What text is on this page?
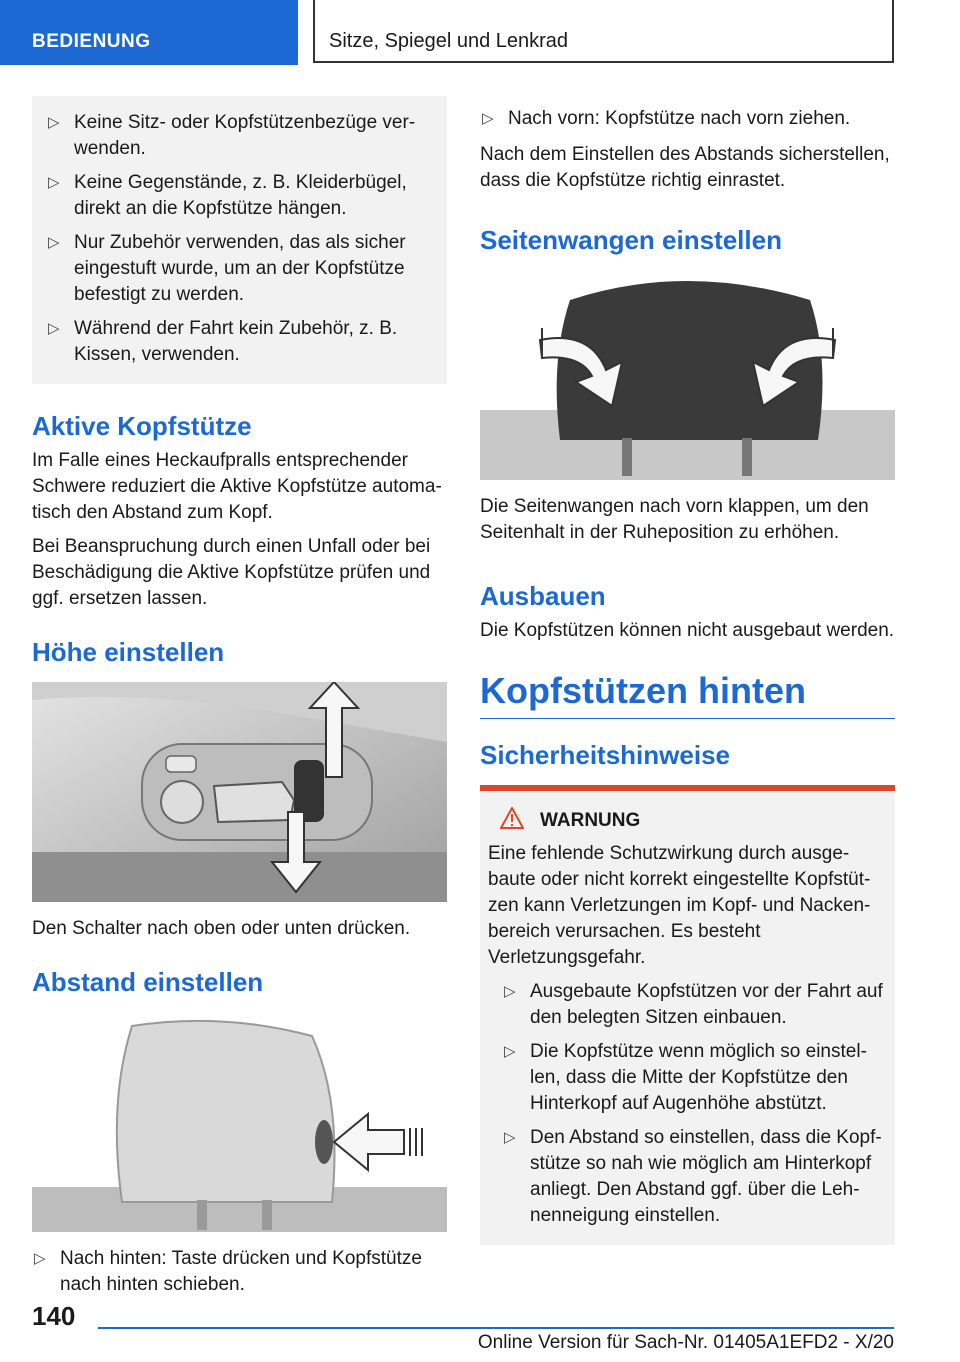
BEDIENUNG	Sitze, Spiegel und Lenkrad
▷ Keine Sitz- oder Kopfstützenbezüge verwenden.
▷ Keine Gegenstände, z. B. Kleiderbügel, direkt an die Kopfstütze hängen.
▷ Nur Zubehör verwenden, das als sicher eingestuft wurde, um an der Kopfstütze befestigt zu werden.
▷ Während der Fahrt kein Zubehör, z. B. Kissen, verwenden.
Aktive Kopfstütze

Im Falle eines Heckaufpralls entsprechender Schwere reduziert die Aktive Kopfstütze automatisch den Abstand zum Kopf.

Bei Beanspruchung durch einen Unfall oder bei Beschädigung die Aktive Kopfstütze prüfen und ggf. ersetzen lassen.

Höhe einstellen

Den Schalter nach oben oder unten drücken.

Abstand einstellen
▷ Nach hinten: Taste drücken und Kopfstütze nach hinten schieben.
▷ Nach vorn: Kopfstütze nach vorn ziehen.

Nach dem Einstellen des Abstands sicherstellen, dass die Kopfstütze richtig einrastet.

Seitenwangen einstellen

Die Seitenwangen nach vorn klappen, um den Seitenhalt in der Ruheposition zu erhöhen.

Ausbauen

Die Kopfstützen können nicht ausgebaut werden.

Kopfstützen hinten
Sicherheitshinweise
WARNUNG

Eine fehlende Schutzwirkung durch ausgebaute oder nicht korrekt eingestellte Kopfstützen kann Verletzungen im Kopf- und Nackenbereich verursachen. Es besteht Verletzungsgefahr.

▷ Ausgebaute Kopfstützen vor der Fahrt auf den belegten Sitzen einbauen.
▷ Die Kopfstütze wenn möglich so einstellen, dass die Mitte der Kopfstütze den Hinterkopf auf Augenhöhe abstützt.
▷ Den Abstand so einstellen, dass die Kopfstütze so nah wie möglich am Hinterkopf anliegt. Den Abstand ggf. über die Lehnenneigung einstellen.
140
Online Version für Sach-Nr. 01405A1EFD2 - X/20
